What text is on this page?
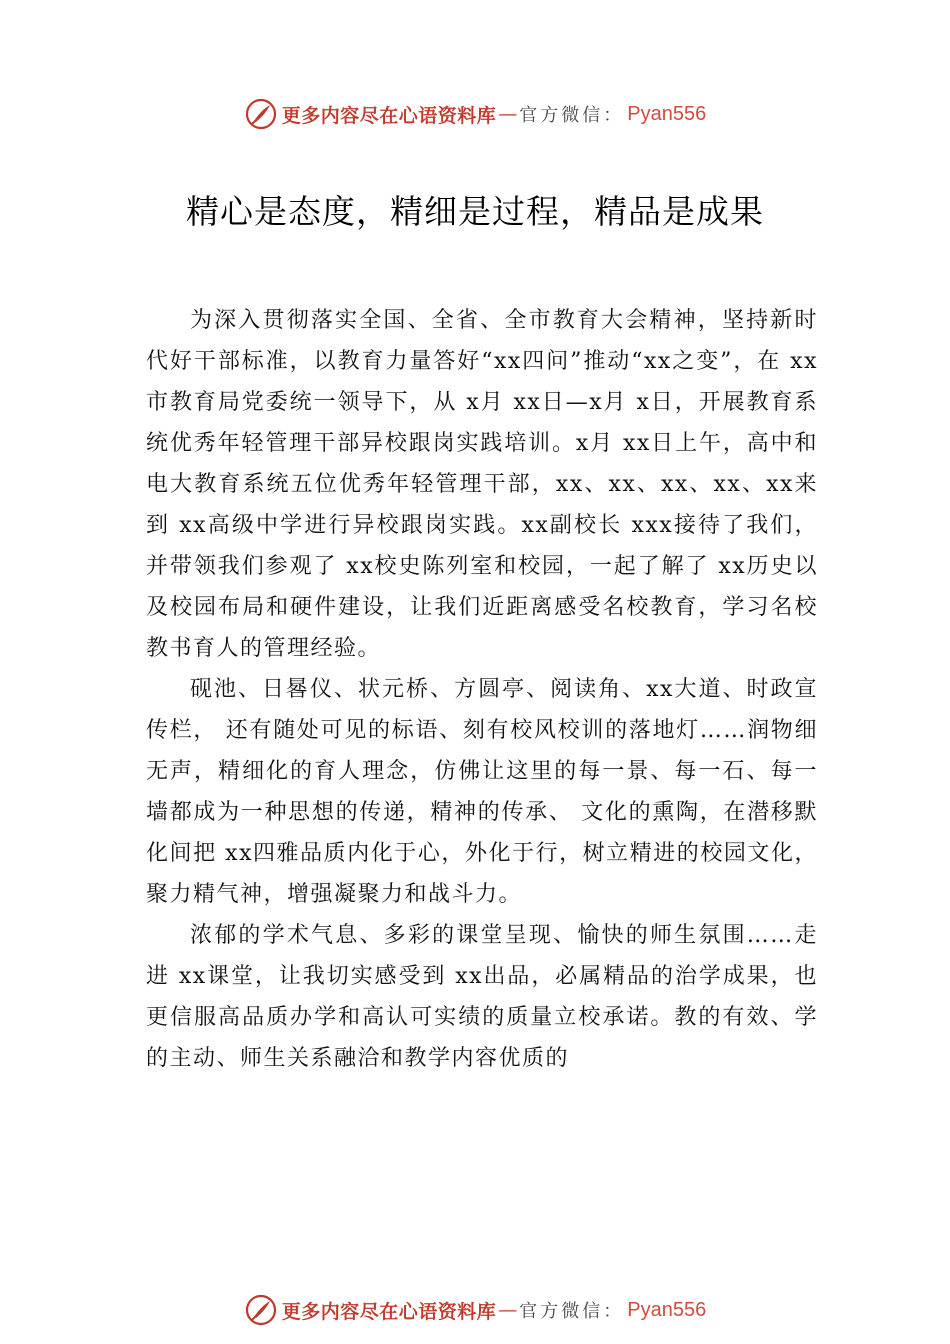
更多内容尽在心语资料库 — 官方微信 ： Pyan556
精心是态度，精细是过程，精品是成果

为深入贯彻落实全国、全省、全市教育大会精神，坚持新时代好干部标准，以教育力量答好“xx四问”推动“xx之变”，在 xx市教育局党委统一领导下，从 x月 xx日—x月 x日，开展教育系统优秀年轻管理干部异校跟岗实践培训。x月 xx日上午，高中和电大教育系统五位优秀年轻管理干部，xx、xx、xx、xx、xx来到 xx高级中学进行异校跟岗实践。xx副校长 xxx接待了我们，并带领我们参观了 xx校史陈列室和校园，一起了解了 xx历史以及校园布局和硬件建设，让我们近距离感受名校教育，学习名校教书育人的管理经验。

砚池、日晷仪、状元桥、方圆亭、阅读角、xx大道、时政宣传栏， 还有随处可见的标语、刻有校风校训的落地灯……润物细无声，精细化的育人理念，仿佛让这里的每一景、每一石、每一墙都成为一种思想的传递，精神的传承、 文化的熏陶，在潜移默化间把 xx四雅品质内化于心，外化于行，树立精进的校园文化，聚力精气神，增强凝聚力和战斗力。

浓郁的学术气息、多彩的课堂呈现、愉快的师生氛围……走进 xx课堂，让我切实感受到 xx出品，必属精品的治学成果，也更信服高品质办学和高认可实绩的质量立校承诺。教的有效、学的主动、师生关系融洽和教学内容优质的

更多内容尽在心语资料库 — 官方微信 ： Pyan556
